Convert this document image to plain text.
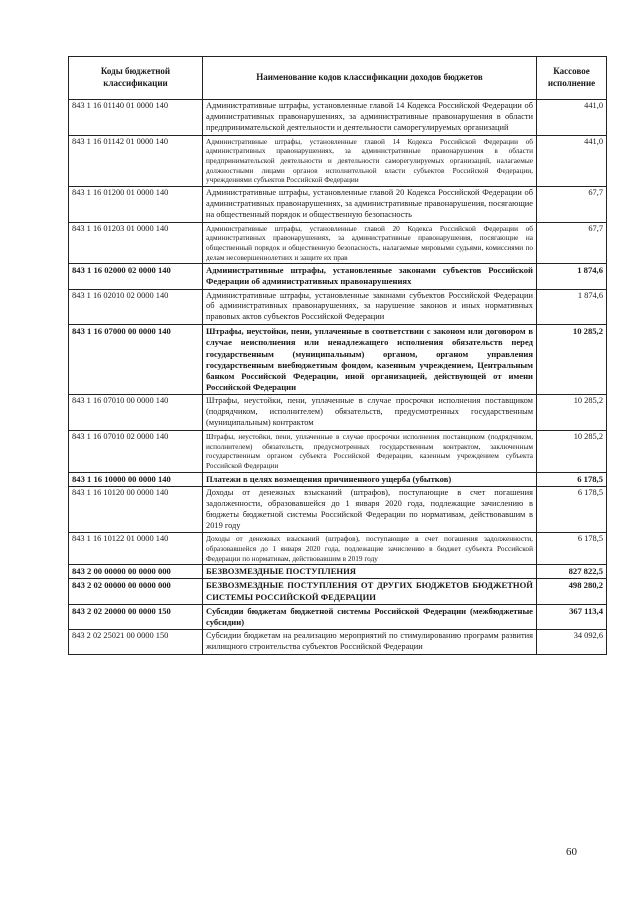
Коды бюджетной классификации	Наименование кодов классификации доходов бюджетов	Кассовое исполнение
843 1 16 01140 01 0000 140	Административные штрафы, установленные главой 14 Кодекса Российской Федерации об административных правонарушениях, за административные правонарушения в области предпринимательской деятельности и деятельности саморегулируемых организаций	441,0
843 1 16 01142 01 0000 140	Административные штрафы, установленные главой 14 Кодекса Российской Федерации об административных правонарушениях, за административные правонарушения в области предпринимательской деятельности и деятельности саморегулируемых организаций, налагаемые должностными лицами органов исполнительной власти субъектов Российской Федерации, учреждениями субъектов Российской Федерации	441,0
843 1 16 01200 01 0000 140	Административные штрафы, установленные главой 20 Кодекса Российской Федерации об административных правонарушениях, за административные правонарушения, посягающие на общественный порядок и общественную безопасность	67,7
843 1 16 01203 01 0000 140	Административные штрафы, установленные главой 20 Кодекса Российской Федерации об административных правонарушениях, за административные правонарушения, посягающие на общественный порядок и общественную безопасность, налагаемые мировыми судьями, комиссиями по делам несовершеннолетних и защите их прав	67,7
843 1 16 02000 02 0000 140	Административные штрафы, установленные законами субъектов Российской Федерации об административных правонарушениях	1 874,6
843 1 16 02010 02 0000 140	Административные штрафы, установленные законами субъектов Российской Федерации об административных правонарушениях, за нарушение законов и иных нормативных правовых актов субъектов Российской Федерации	1 874,6
843 1 16 07000 00 0000 140	Штрафы, неустойки, пени, уплаченные в соответствии с законом или договором в случае неисполнения или ненадлежащего исполнения обязательств перед государственным (муниципальным) органом, органом управления государственным внебюджетным фондом, казенным учреждением, Центральным банком Российской Федерации, иной организацией, действующей от имени Российской Федерации	10 285,2
843 1 16 07010 00 0000 140	Штрафы, неустойки, пени, уплаченные в случае просрочки исполнения поставщиком (подрядчиком, исполнителем) обязательств, предусмотренных государственным (муниципальным) контрактом	10 285,2
843 1 16 07010 02 0000 140	Штрафы, неустойки, пени, уплаченные в случае просрочки исполнения поставщиком (подрядчиком, исполнителем) обязательств, предусмотренных государственным контрактом, заключенным государственным органом субъекта Российской Федерации, казенным учреждением субъекта Российской Федерации	10 285,2
843 1 16 10000 00 0000 140	Платежи в целях возмещения причиненного ущерба (убытков)	6 178,5
843 1 16 10120 00 0000 140	Доходы от денежных взысканий (штрафов), поступающие в счет погашения задолженности, образовавшейся до 1 января 2020 года, подлежащие зачислению в бюджеты бюджетной системы Российской Федерации по нормативам, действовавшим в 2019 году	6 178,5
843 1 16 10122 01 0000 140	Доходы от денежных взысканий (штрафов), поступающие в счет погашения задолженности, образовавшейся до 1 января 2020 года, подлежащие зачислению в бюджет субъекта Российской Федерации по нормативам, действовавшим в 2019 году	6 178,5
843 2 00 00000 00 0000 000	БЕЗВОЗМЕЗДНЫЕ ПОСТУПЛЕНИЯ	827 822,5
843 2 02 00000 00 0000 000	БЕЗВОЗМЕЗДНЫЕ ПОСТУПЛЕНИЯ ОТ ДРУГИХ БЮДЖЕТОВ БЮДЖЕТНОЙ СИСТЕМЫ РОССИЙСКОЙ ФЕДЕРАЦИИ	498 280,2
843 2 02 20000 00 0000 150	Субсидии бюджетам бюджетной системы Российской Федерации (межбюджетные субсидии)	367 113,4
843 2 02 25021 00 0000 150	Субсидии бюджетам на реализацию мероприятий по стимулированию программ развития жилищного строительства субъектов Российской Федерации	34 092,6
60
